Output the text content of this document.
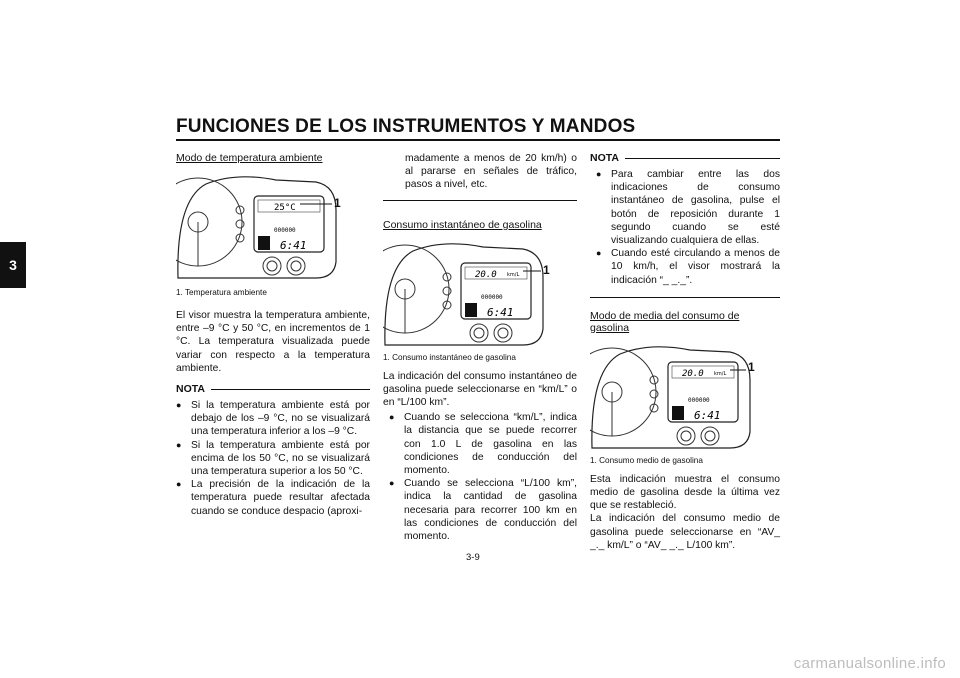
FUNCIONES DE LOS INSTRUMENTOS Y MANDOS
3
Modo de temperatura ambiente
25°C
6:41
000000
1
1. Temperatura ambiente
El visor muestra la temperatura ambiente, entre –9 °C y 50 °C, en incrementos de 1 °C. La temperatura visualizada puede variar con respecto a la temperatura ambiente.
NOTA
● Si la temperatura ambiente está por debajo de los –9 °C, no se visualizará una temperatura inferior a los –9 °C.
● Si la temperatura ambiente está por encima de los 50 °C, no se visualizará una temperatura superior a los 50 °C.
● La precisión de la indicación de la temperatura puede resultar afectada cuando se conduce despacio (aproxi-
madamente a menos de 20 km/h) o al pararse en señales de tráfico, pasos a nivel, etc.
Consumo instantáneo de gasolina
20.0 km/L
6:41
000000
1
1. Consumo instantáneo de gasolina
La indicación del consumo instantáneo de gasolina puede seleccionarse en “km/L” o en “L/100 km”.
● Cuando se selecciona “km/L”, indica la distancia que se puede recorrer con 1.0 L de gasolina en las condiciones de conducción del momento.
● Cuando se selecciona “L/100 km”, indica la cantidad de gasolina necesaria para recorrer 100 km en las condiciones de conducción del momento.
NOTA
● Para cambiar entre las dos indicaciones de consumo instantáneo de gasolina, pulse el botón de reposición durante 1 segundo cuando se esté visualizando cualquiera de ellas.
● Cuando esté circulando a menos de 10 km/h, el visor mostrará la indicación “_ _._”.
Modo de media del consumo de gasolina
20.0 km/L
6:41
000000
1
1. Consumo medio de gasolina
Esta indicación muestra el consumo medio de gasolina desde la última vez que se restableció.
La indicación del consumo medio de gasolina puede seleccionarse en “AV_ _._ km/L” o “AV_ _._ L/100 km”.
3-9
carmanualsonline.info
